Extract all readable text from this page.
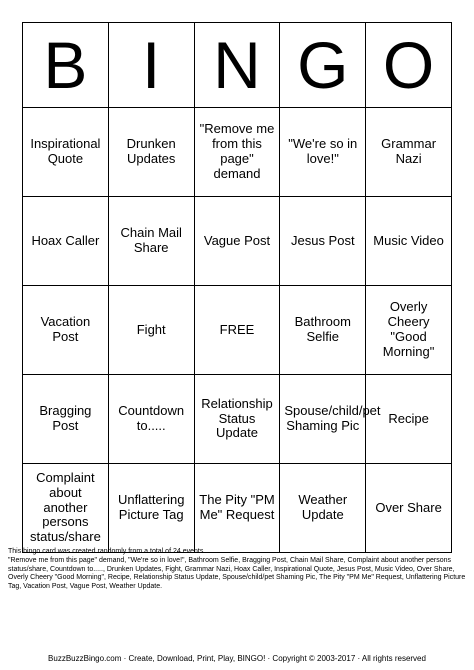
B	I	N	G	O
Inspirational Quote	Drunken Updates	"Remove me from this page" demand	"We're so in love!"	Grammar Nazi
Hoax Caller	Chain Mail Share	Vague Post	Jesus Post	Music Video
Vacation Post	Fight	FREE	Bathroom Selfie	Overly Cheery "Good Morning"
Bragging Post	Countdown to.....	Relationship Status Update	Spouse/child/pet Shaming Pic	Recipe
Complaint about another persons status/share	Unflattering Picture Tag	The Pity "PM Me" Request	Weather Update	Over Share
This bingo card was created randomly from a total of 24 events.
"Remove me from this page" demand, "We're so in love!", Bathroom Selfie, Bragging Post, Chain Mail Share, Complaint about another persons status/share, Countdown to....., Drunken Updates, Fight, Grammar Nazi, Hoax Caller, Inspirational Quote, Jesus Post, Music Video, Over Share, Overly Cheery "Good Morning", Recipe, Relationship Status Update, Spouse/child/pet Shaming Pic, The Pity "PM Me" Request, Unflattering Picture Tag, Vacation Post, Vague Post, Weather Update.
BuzzBuzzBingo.com · Create, Download, Print, Play, BINGO! · Copyright © 2003-2017 · All rights reserved
